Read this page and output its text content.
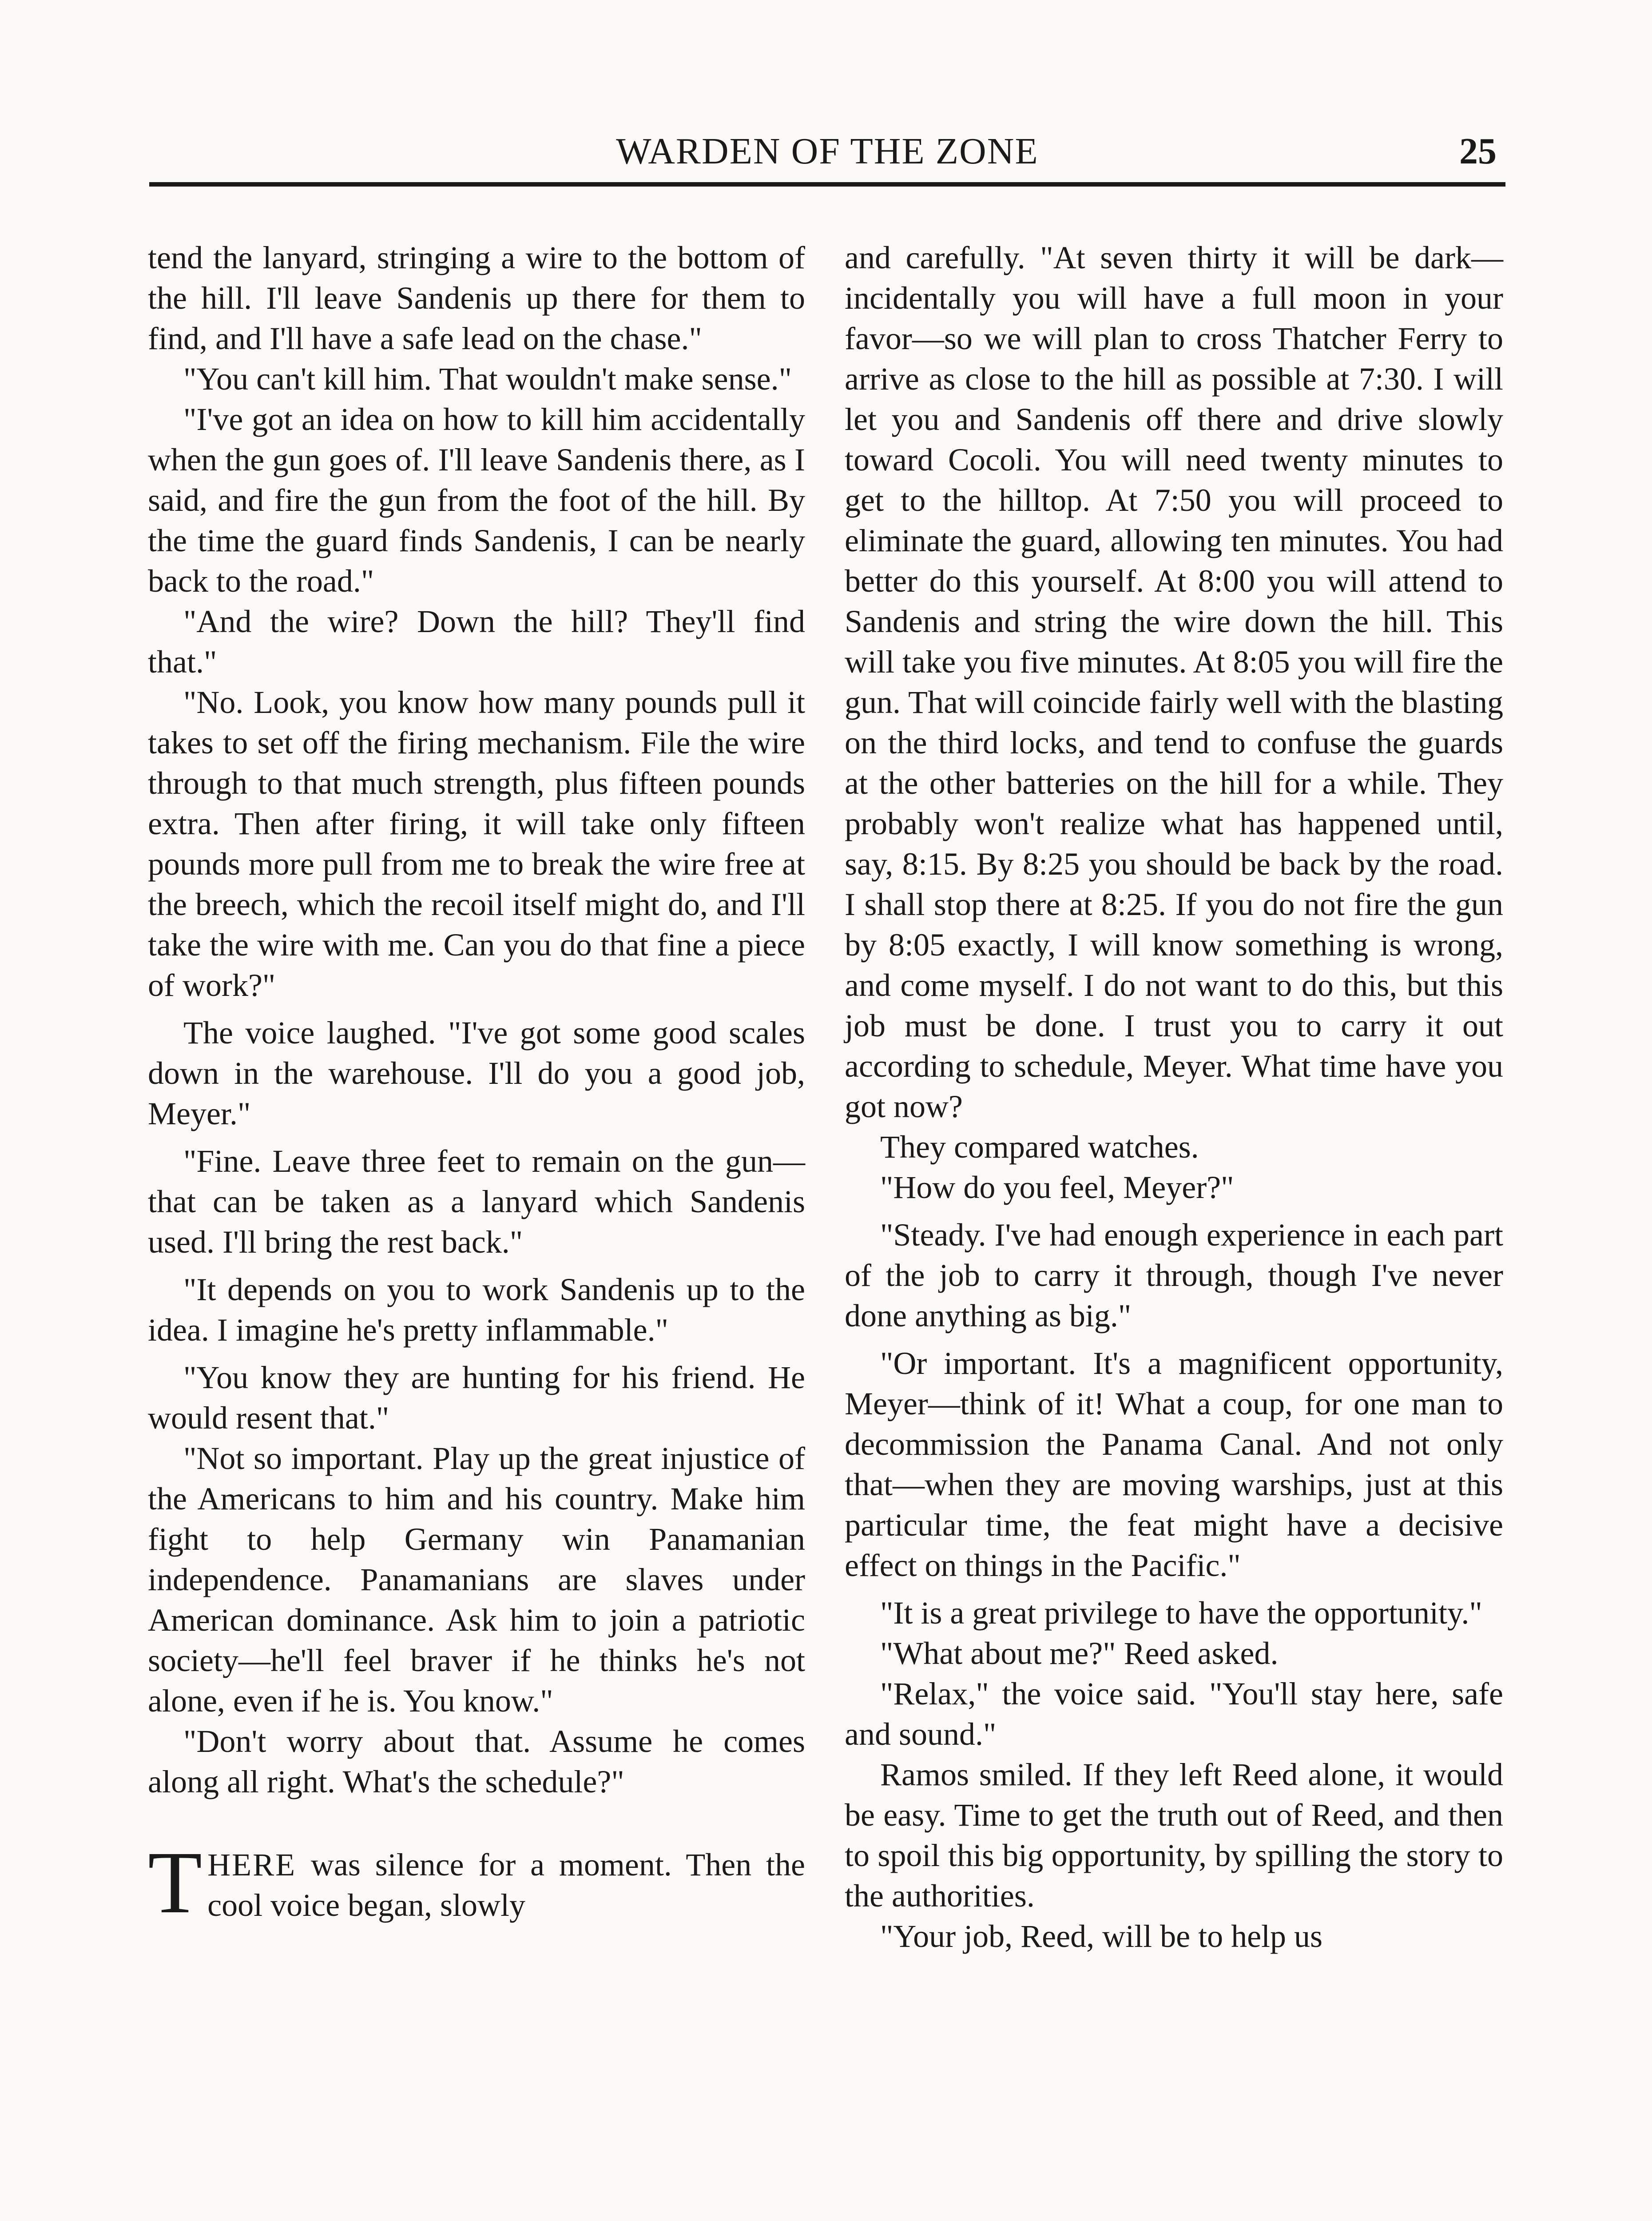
WARDEN OF THE ZONE	25

tend the lanyard, stringing a wire to the bottom of the hill. I'll leave Sandenis up there for them to find, and I'll have a safe lead on the chase."

"You can't kill him. That wouldn't make sense."

"I've got an idea on how to kill him accidentally when the gun goes of. I'll leave Sandenis there, as I said, and fire the gun from the foot of the hill. By the time the guard finds Sandenis, I can be nearly back to the road."

"And the wire? Down the hill? They'll find that."

"No. Look, you know how many pounds pull it takes to set off the firing mechanism. File the wire through to that much strength, plus fifteen pounds extra. Then after firing, it will take only fifteen pounds more pull from me to break the wire free at the breech, which the recoil itself might do, and I'll take the wire with me. Can you do that fine a piece of work?"

The voice laughed. "I've got some good scales down in the warehouse. I'll do you a good job, Meyer."

"Fine. Leave three feet to remain on the gun—that can be taken as a lanyard which Sandenis used. I'll bring the rest back."

"It depends on you to work Sandenis up to the idea. I imagine he's pretty inflammable."

"You know they are hunting for his friend. He would resent that."

"Not so important. Play up the great injustice of the Americans to him and his country. Make him fight to help Germany win Panamanian independence. Panamanians are slaves under American dominance. Ask him to join a patriotic society—he'll feel braver if he thinks he's not alone, even if he is. You know."

"Don't worry about that. Assume he comes along all right. What's the schedule?"

THERE was silence for a moment. Then the cool voice began, slowly

and carefully. "At seven thirty it will be dark—incidentally you will have a full moon in your favor—so we will plan to cross Thatcher Ferry to arrive as close to the hill as possible at 7:30. I will let you and Sandenis off there and drive slowly toward Cocoli. You will need twenty minutes to get to the hilltop. At 7:50 you will proceed to eliminate the guard, allowing ten minutes. You had better do this yourself. At 8:00 you will attend to Sandenis and string the wire down the hill. This will take you five minutes. At 8:05 you will fire the gun. That will coincide fairly well with the blasting on the third locks, and tend to confuse the guards at the other batteries on the hill for a while. They probably won't realize what has happened until, say, 8:15. By 8:25 you should be back by the road. I shall stop there at 8:25. If you do not fire the gun by 8:05 exactly, I will know something is wrong, and come myself. I do not want to do this, but this job must be done. I trust you to carry it out according to schedule, Meyer. What time have you got now?

They compared watches.

"How do you feel, Meyer?"

"Steady. I've had enough experience in each part of the job to carry it through, though I've never done anything as big."

"Or important. It's a magnificent opportunity, Meyer—think of it! What a coup, for one man to decommission the Panama Canal. And not only that—when they are moving warships, just at this particular time, the feat might have a decisive effect on things in the Pacific."

"It is a great privilege to have the opportunity."

"What about me?" Reed asked.

"Relax," the voice said. "You'll stay here, safe and sound."

Ramos smiled. If they left Reed alone, it would be easy. Time to get the truth out of Reed, and then to spoil this big opportunity, by spilling the story to the authorities.

"Your job, Reed, will be to help us
